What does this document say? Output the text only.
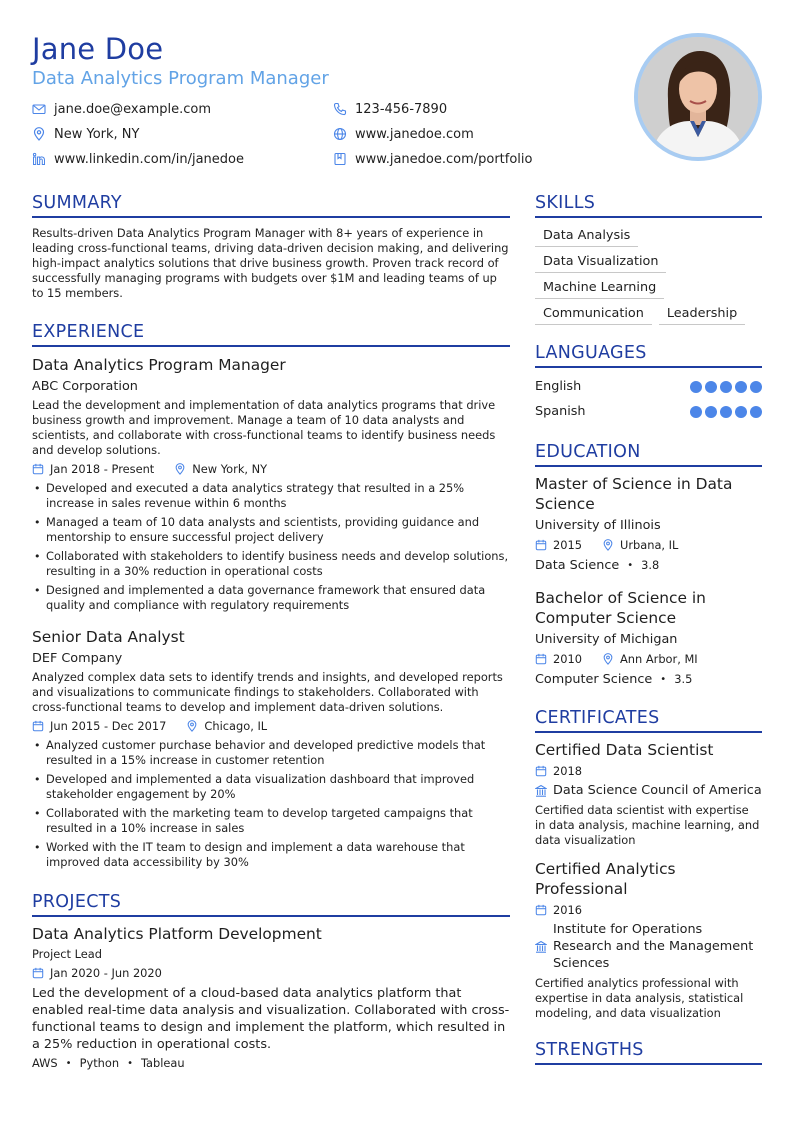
Jane Doe
Data Analytics Program Manager
jane.doe@example.com	123-456-7890
New York, NY	www.janedoe.com
www.linkedin.com/in/janedoe	www.janedoe.com/portfolio
SUMMARY
Results-driven Data Analytics Program Manager with 8+ years of experience in leading cross-functional teams, driving data-driven decision making, and delivering high-impact analytics solutions that drive business growth. Proven track record of successfully managing programs with budgets over $1M and leading teams of up to 15 members.
EXPERIENCE
Data Analytics Program Manager
ABC Corporation
Lead the development and implementation of data analytics programs that drive business growth and improvement. Manage a team of 10 data analysts and scientists, and collaborate with cross-functional teams to identify business needs and develop solutions.
Jan 2018 - Present	New York, NY
• Developed and executed a data analytics strategy that resulted in a 25% increase in sales revenue within 6 months
• Managed a team of 10 data analysts and scientists, providing guidance and mentorship to ensure successful project delivery
• Collaborated with stakeholders to identify business needs and develop solutions, resulting in a 30% reduction in operational costs
• Designed and implemented a data governance framework that ensured data quality and compliance with regulatory requirements
Senior Data Analyst
DEF Company
Analyzed complex data sets to identify trends and insights, and developed reports and visualizations to communicate findings to stakeholders. Collaborated with cross-functional teams to develop and implement data-driven solutions.
Jun 2015 - Dec 2017	Chicago, IL
• Analyzed customer purchase behavior and developed predictive models that resulted in a 15% increase in customer retention
• Developed and implemented a data visualization dashboard that improved stakeholder engagement by 20%
• Collaborated with the marketing team to develop targeted campaigns that resulted in a 10% increase in sales
• Worked with the IT team to design and implement a data warehouse that improved data accessibility by 30%
PROJECTS
Data Analytics Platform Development
Project Lead
Jan 2020 - Jun 2020
Led the development of a cloud-based data analytics platform that enabled real-time data analysis and visualization. Collaborated with cross-functional teams to design and implement the platform, which resulted in a 25% reduction in operational costs.
AWS • Python • Tableau
SKILLS
Data Analysis
Data Visualization
Machine Learning
Communication	Leadership
LANGUAGES
English
Spanish
EDUCATION
Master of Science in Data Science
University of Illinois
2015	Urbana, IL
Data Science • 3.8
Bachelor of Science in Computer Science
University of Michigan
2010	Ann Arbor, MI
Computer Science • 3.5
CERTIFICATES
Certified Data Scientist
2018
Data Science Council of America
Certified data scientist with expertise in data analysis, machine learning, and data visualization
Certified Analytics Professional
2016
Institute for Operations Research and the Management Sciences
Certified analytics professional with expertise in data analysis, statistical modeling, and data visualization
STRENGTHS
